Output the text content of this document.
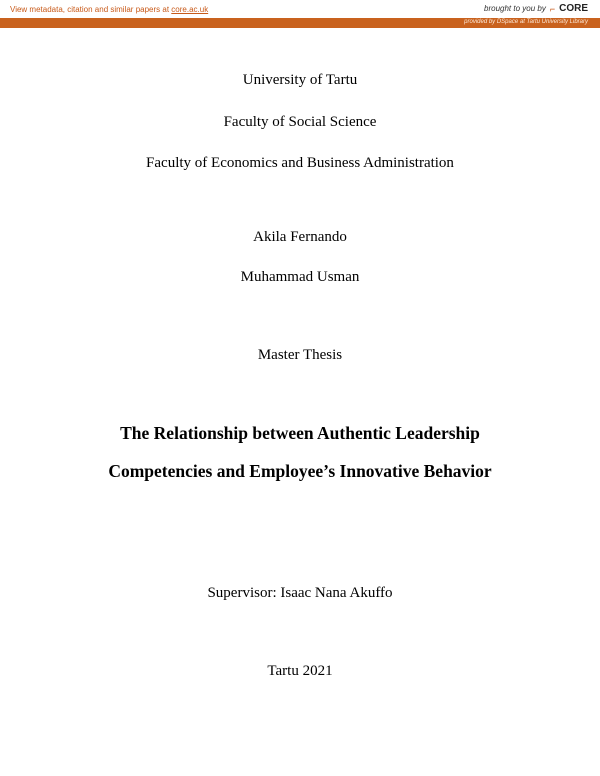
View metadata, citation and similar papers at core.ac.uk	brought to you by ⌐ CORE
provided by DSpace at Tartu University Library
University of Tartu
Faculty of Social Science
Faculty of Economics and Business Administration
Akila Fernando
Muhammad Usman
Master Thesis
The Relationship between Authentic Leadership
Competencies and Employee’s Innovative Behavior
Supervisor: Isaac Nana Akuffo
Tartu 2021
